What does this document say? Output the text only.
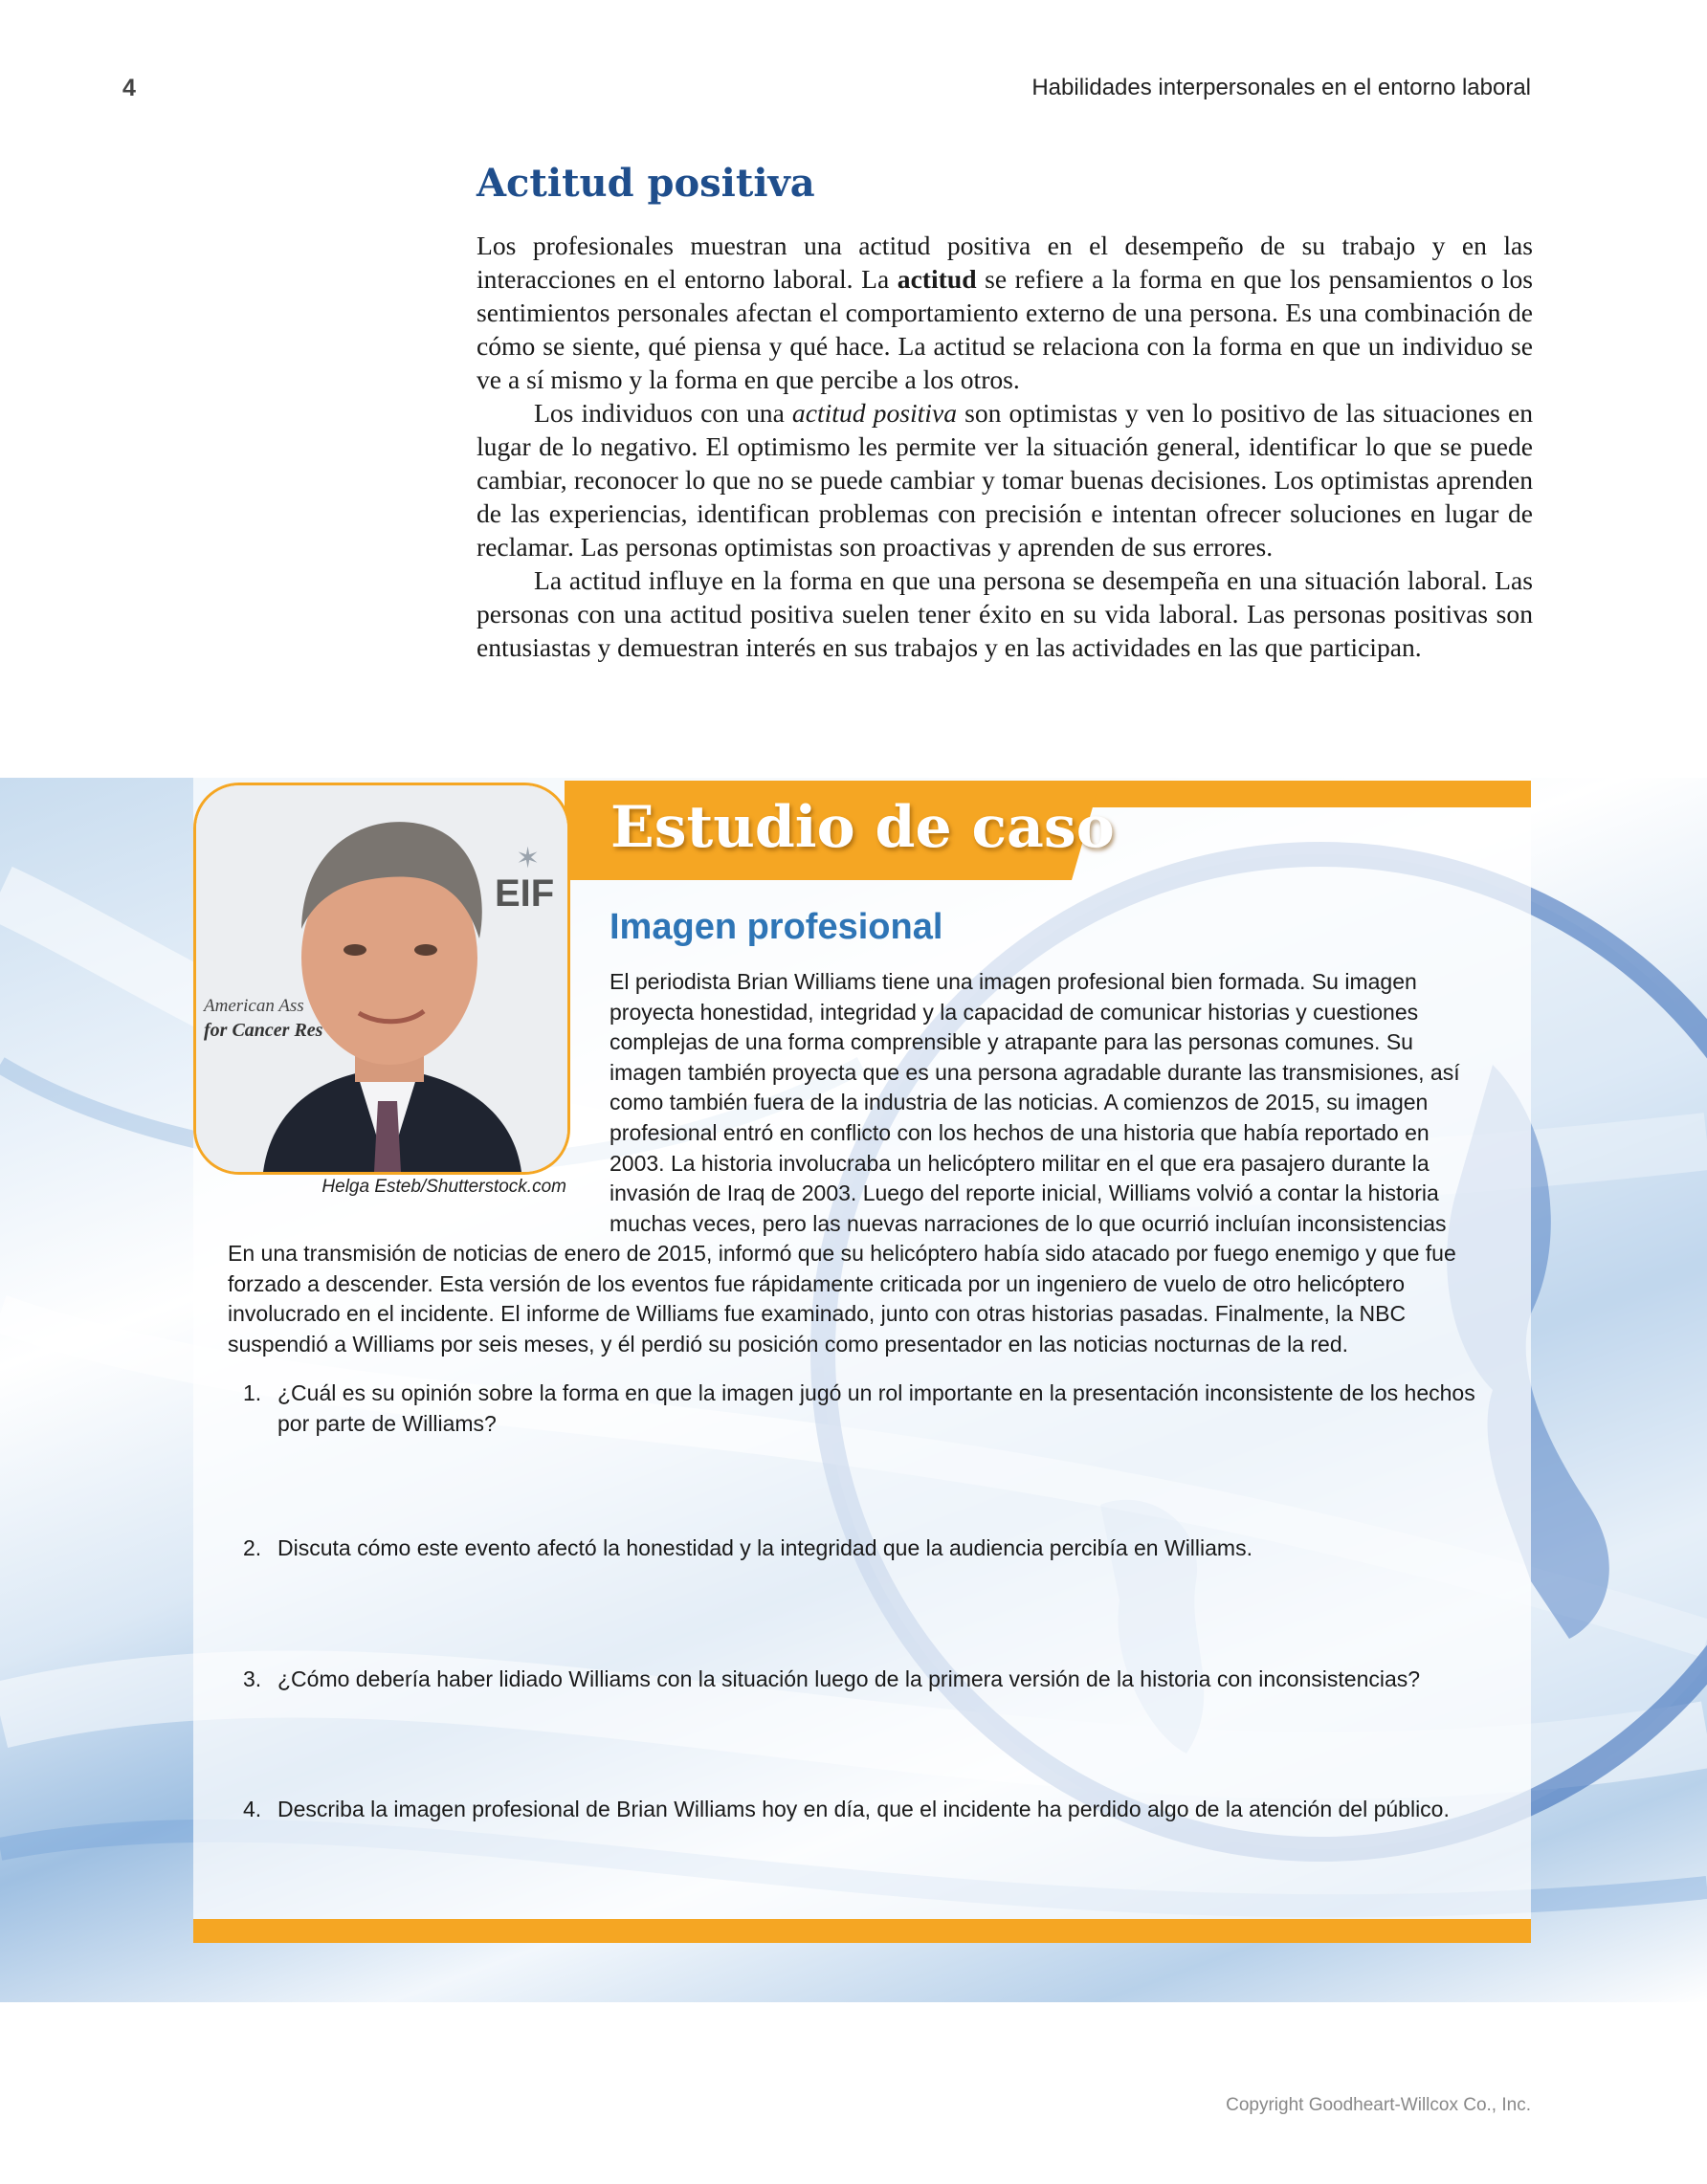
4	Habilidades interpersonales en el entorno laboral
Actitud positiva

Los profesionales muestran una actitud positiva en el desempeño de su trabajo y en las interacciones en el entorno laboral. La actitud se refiere a la forma en que los pensamientos o los sentimientos personales afectan el comportamiento externo de una persona. Es una combinación de cómo se siente, qué piensa y qué hace. La actitud se relaciona con la forma en que un individuo se ve a sí mismo y la forma en que percibe a los otros.

Los individuos con una actitud positiva son optimistas y ven lo positivo de las situaciones en lugar de lo negativo. El optimismo les permite ver la situación general, identificar lo que se puede cambiar, reconocer lo que no se puede cambiar y tomar buenas decisiones. Los optimistas aprenden de las experiencias, identifican problemas con precisión e intentan ofrecer soluciones en lugar de reclamar. Las personas optimistas son proactivas y aprenden de sus errores.

La actitud influye en la forma en que una persona se desempeña en una situación laboral. Las personas con una actitud positiva suelen tener éxito en su vida laboral. Las personas positivas son entusiastas y demuestran interés en sus trabajos y en las actividades en las que participan.

Estudio de caso
EIF
✶
American Ass
for Cancer Res
Helga Esteb/Shutterstock.com
Imagen profesional
El periodista Brian Williams tiene una imagen profesional bien formada. Su imagen proyecta honestidad, integridad y la capacidad de comunicar historias y cuestiones complejas de una forma comprensible y atrapante para las personas comunes. Su imagen también proyecta que es una persona agradable durante las transmisiones, así como también fuera de la industria de las noticias. A comienzos de 2015, su imagen profesional entró en conflicto con los hechos de una historia que había reportado en 2003. La historia involucraba un helicóptero militar en el que era pasajero durante la invasión de Iraq de 2003. Luego del reporte inicial, Williams volvió a contar la historia muchas veces, pero las nuevas narraciones de lo que ocurrió incluían inconsistencias
En una transmisión de noticias de enero de 2015, informó que su helicóptero había sido atacado por fuego enemigo y que fue forzado a descender. Esta versión de los eventos fue rápidamente criticada por un ingeniero de vuelo de otro helicóptero involucrado en el incidente. El informe de Williams fue examinado, junto con otras historias pasadas. Finalmente, la NBC suspendió a Williams por seis meses, y él perdió su posición como presentador en las noticias nocturnas de la red.
1. ¿Cuál es su opinión sobre la forma en que la imagen jugó un rol importante en la presentación inconsistente de los hechos por parte de Williams?
2. Discuta cómo este evento afectó la honestidad y la integridad que la audiencia percibía en Williams.
3. ¿Cómo debería haber lidiado Williams con la situación luego de la primera versión de la historia con inconsistencias?
4. Describa la imagen profesional de Brian Williams hoy en día, que el incidente ha perdido algo de la atención del público.
Copyright Goodheart-Willcox Co., Inc.
